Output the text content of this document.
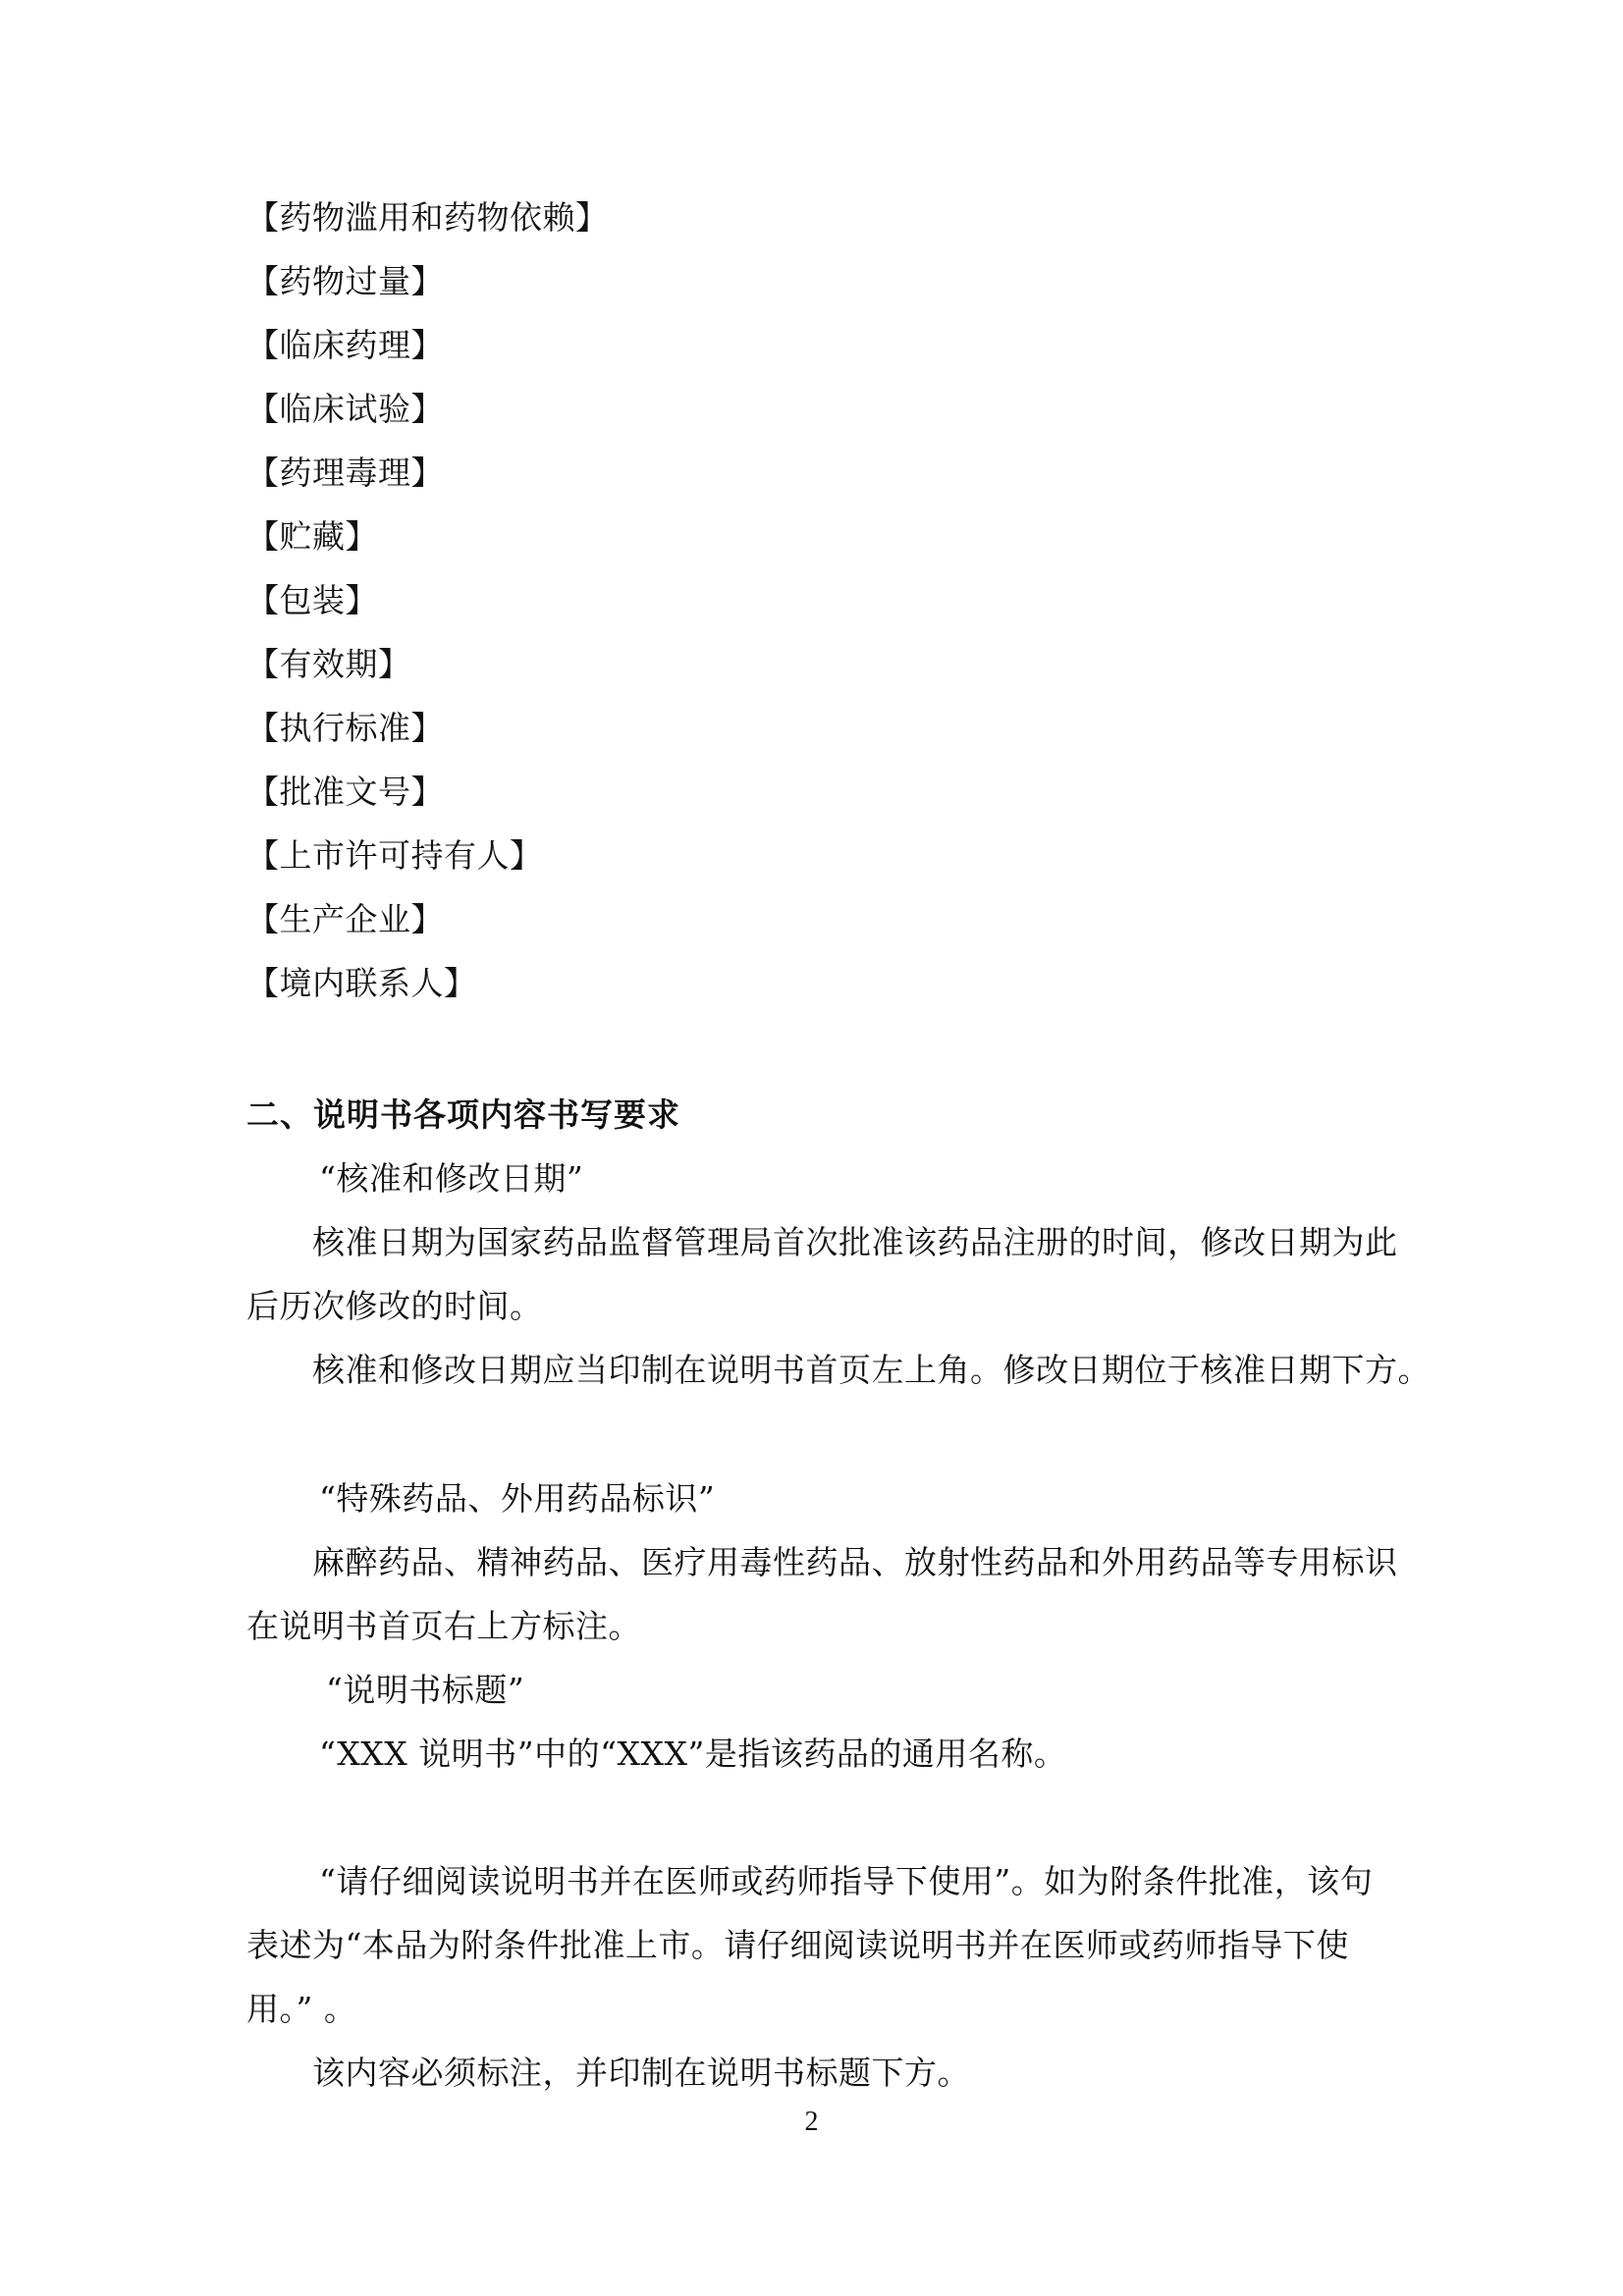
【药物滥用和药物依赖】

【药物过量】

【临床药理】

【临床试验】

【药理毒理】

【贮藏】

【包装】

【有效期】

【执行标准】

【批准文号】

【上市许可持有人】

【生产企业】

【境内联系人】

二、说明书各项内容书写要求

“核准和修改日期”

核准日期为国家药品监督管理局首次批准该药品注册的时间，修改日期为此

后历次修改的时间。

核准和修改日期应当印制在说明书首页左上角。修改日期位于核准日期下方。

“特殊药品、外用药品标识”

麻醉药品、精神药品、医疗用毒性药品、放射性药品和外用药品等专用标识

在说明书首页右上方标注。

“说明书标题”

“XXX 说明书”中的“XXX”是指该药品的通用名称。

“请仔细阅读说明书并在医师或药师指导下使用”。如为附条件批准，该句

表述为“本品为附条件批准上市。请仔细阅读说明书并在医师或药师指导下使

用。” 。

该内容必须标注，并印制在说明书标题下方。

2
